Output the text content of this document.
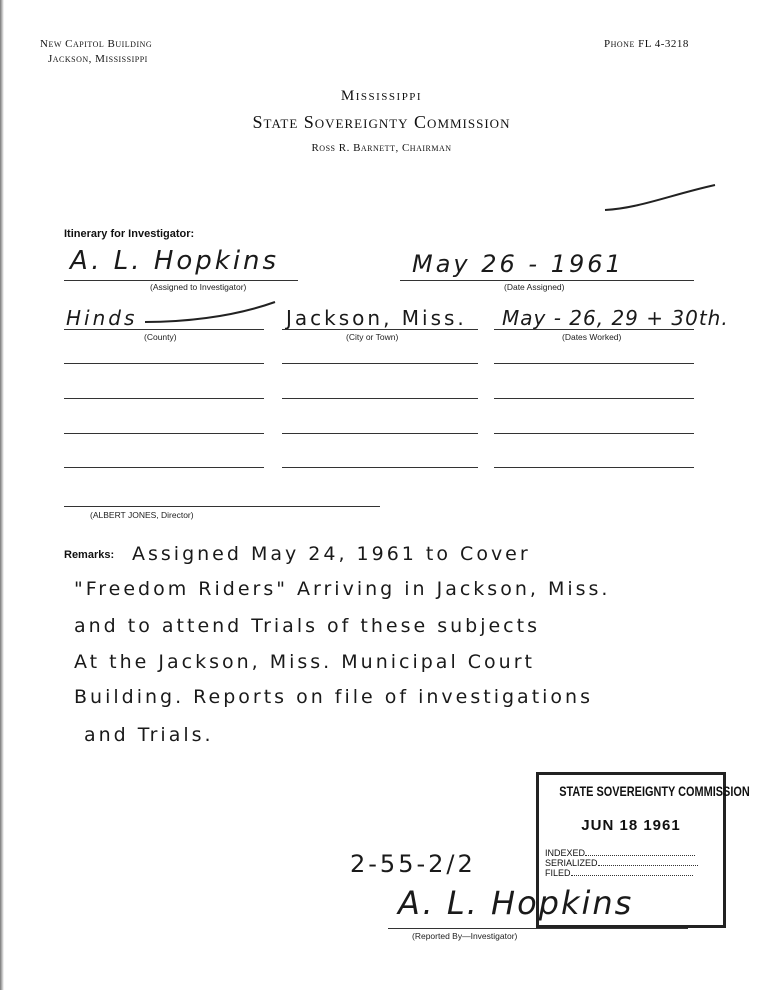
New Capitol Building
Jackson, Mississippi
Phone FL 4-3218
Mississippi
State Sovereignty Commission
Ross R. Barnett, Chairman
Itinerary for Investigator:
A. L. Hopkins
(Assigned to Investigator)
May 26 - 1961
(Date Assigned)
Hinds
(County)
Jackson, Miss.
(City or Town)
May - 26, 29 + 30th.
(Dates Worked)
(ALBERT JONES, Director)
Remarks: Assigned May 24, 1961 to Cover
"Freedom Riders" Arriving in Jackson, Miss.
and to attend Trials of these subjects
At the Jackson, Miss. Municipal Court
Building. Reports on file of investigations
and Trials.
STATE SOVEREIGNTY COMMISSION
JUN 18 1961
INDEXED
SERIALIZED
FILED
2-55-2/2
A. L. Hopkins
(Reported By—Investigator)
